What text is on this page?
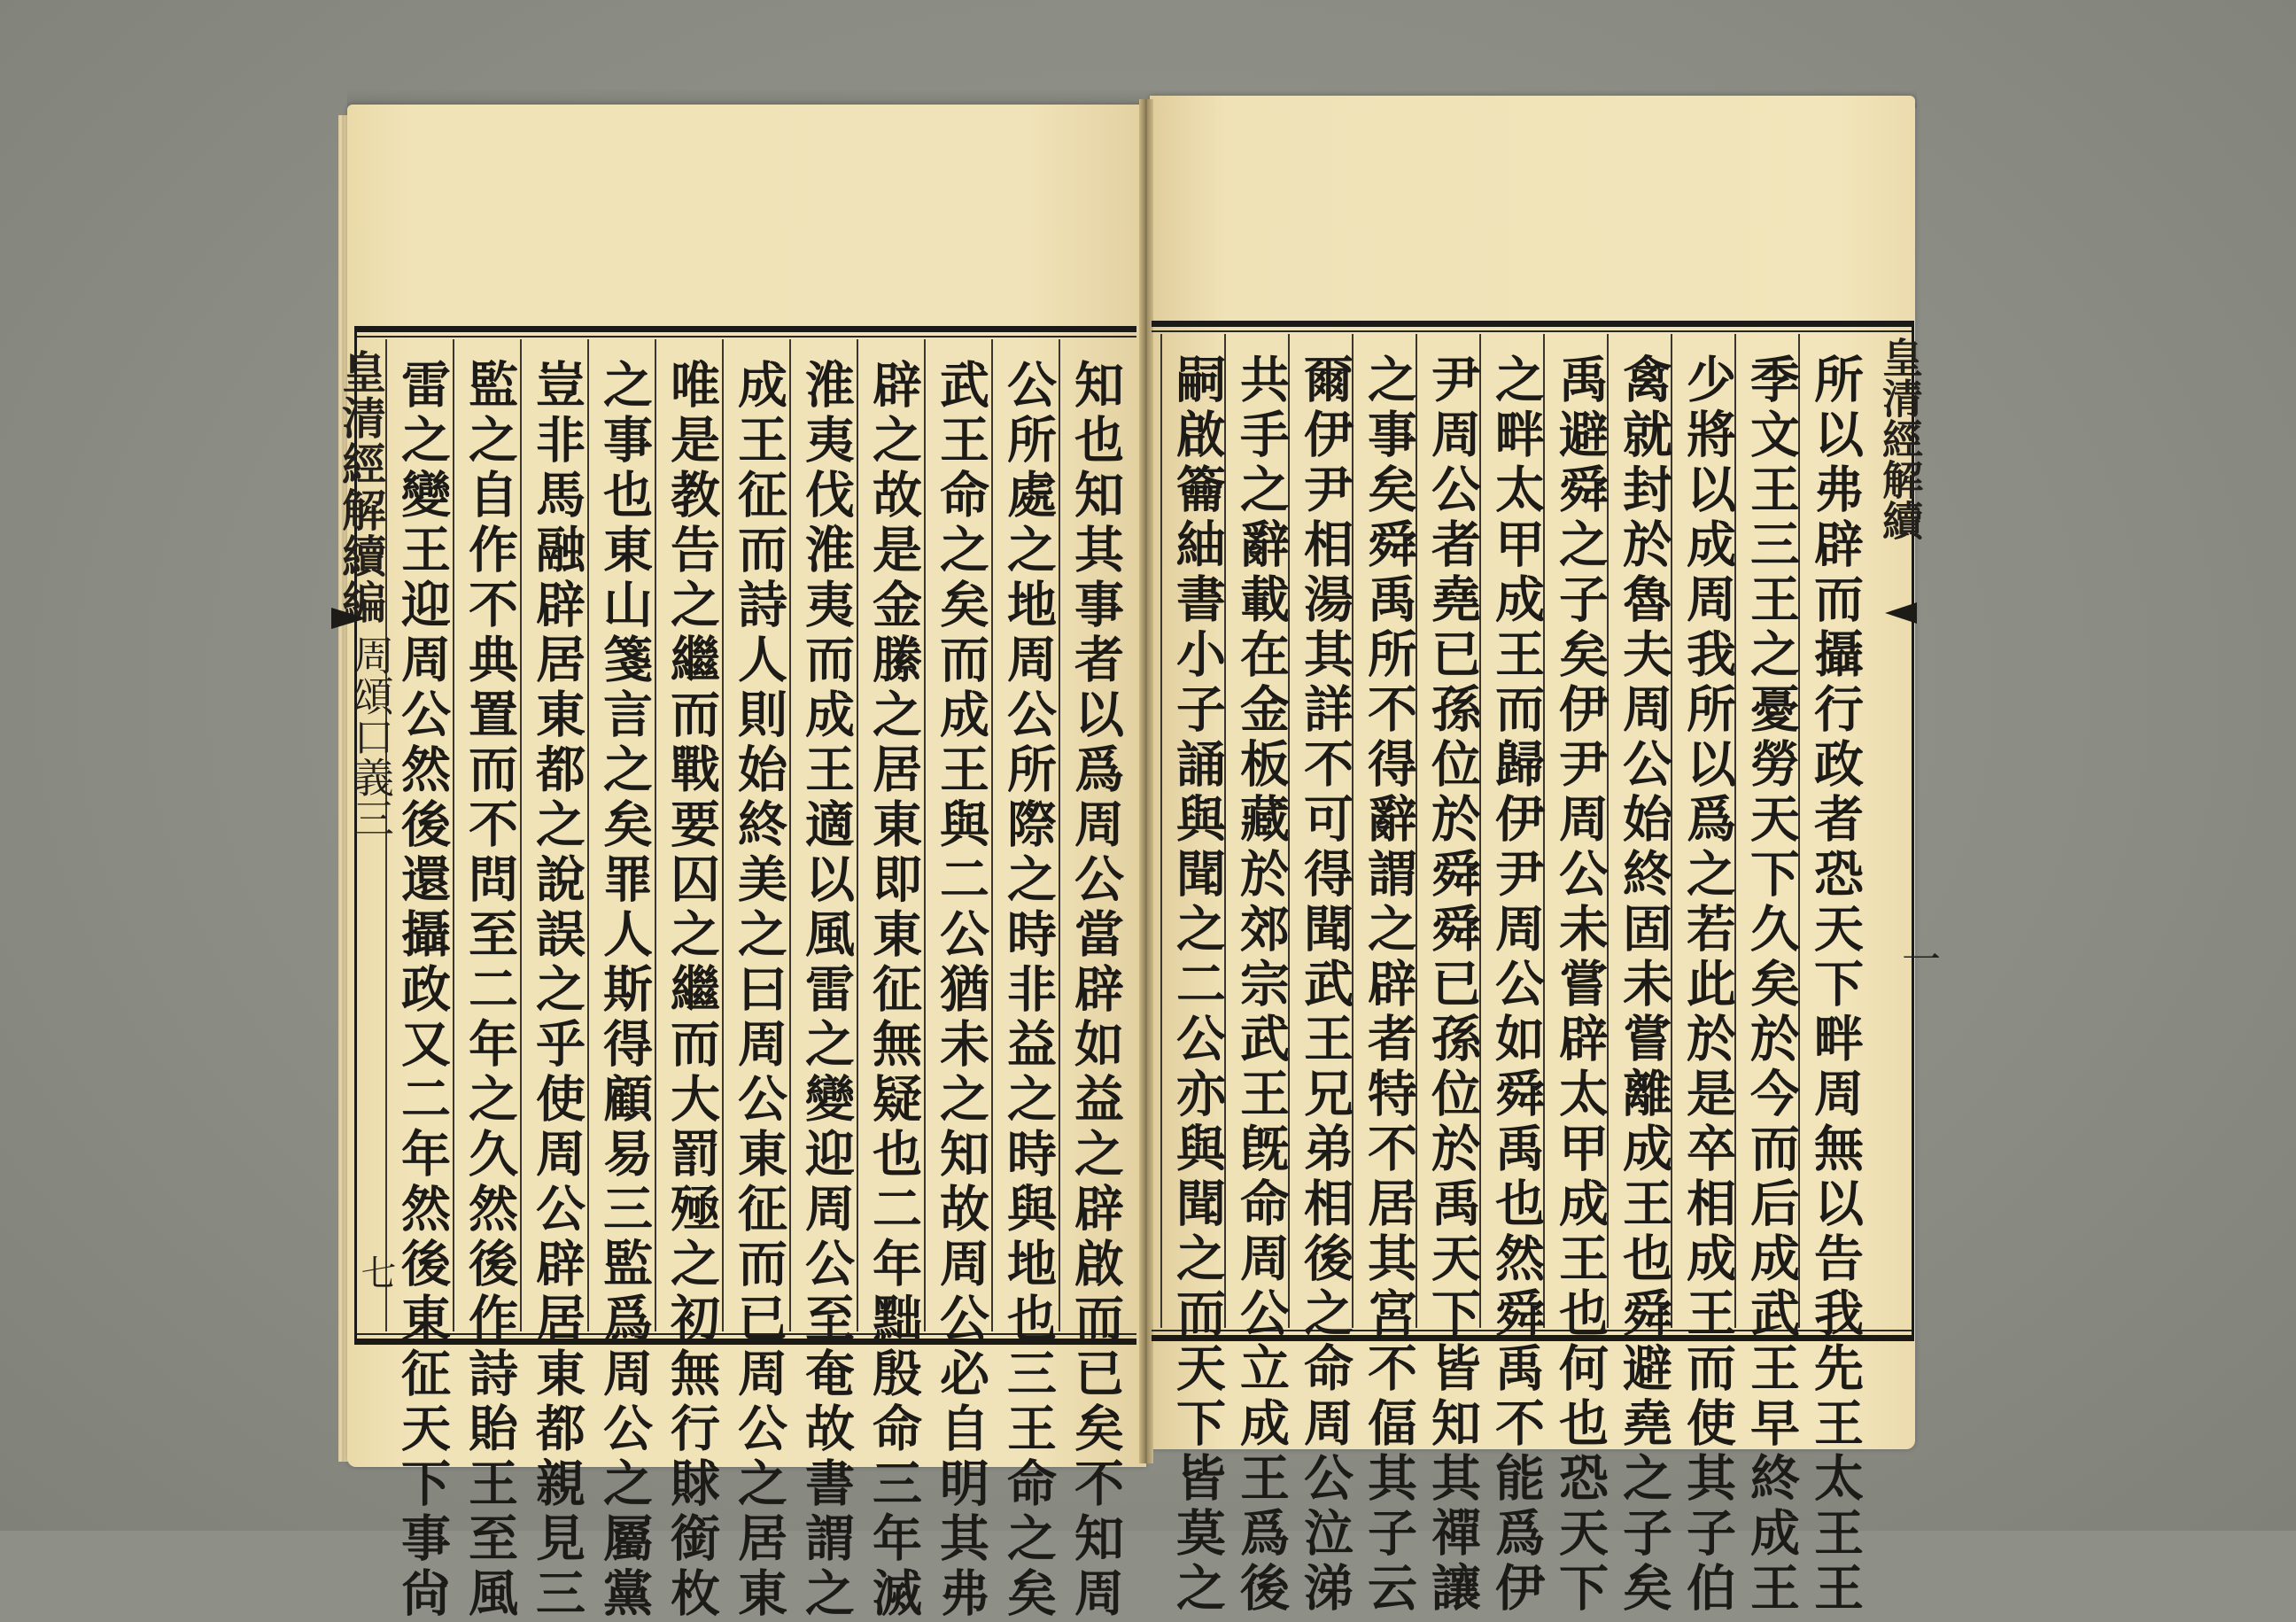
知也知其事者以爲周公當辟如益之辟啟而已矣不知周
公所處之地周公所際之時非益之時與地也三王命之矣
武王命之矣而成王與二公猶未之知故周公必自明其弗
辟之故是金縢之居東即東征無疑也二年黜殷命三年滅
淮夷伐淮夷而成王適以風雷之變迎周公至奄故書謂之
成王征而詩人則始終美之曰周公東征而已周公之居東
唯是教告之繼而戰要囚之繼而大罰殛之初無行賕銜枚
之事也東山箋言之矣罪人斯得顧易三監爲周公之屬黨
豈非馬融辟居東都之說誤之乎使周公辟居東都親見三
監之自作不典置而不問至二年之久然後作詩貽王至風
雷之變王迎周公然後還攝政又二年然後東征天下事尙
皇清經解續編
周頌口義三
七	所以弗辟而攝行政者恐天下畔周無以告我先王太王王
季文王三王之憂勞天下久矣於今而后成武王早終成王
少將以成周我所以爲之若此於是卒相成王而使其子伯
禽就封於魯夫周公始終固未嘗離成王也舜避堯之子矣
禹避舜之子矣伊尹周公未嘗辟太甲成王也何也恐天下
之畔太甲成王而歸伊尹周公如舜禹也然舜禹不能爲伊
尹周公者堯已孫位於舜舜已孫位於禹天下皆知其禪讓
之事矣舜禹所不得辭謂之辟者特不居其宮不偪其子云
爾伊尹相湯其詳不可得聞武王兄弟相後之命周公泣涕
共手之辭載在金板藏於郊宗武王旣命周公立成王爲後
嗣啟籥紬書小子誦與聞之二公亦與聞之而天下皆莫之	皇清經解續
一
